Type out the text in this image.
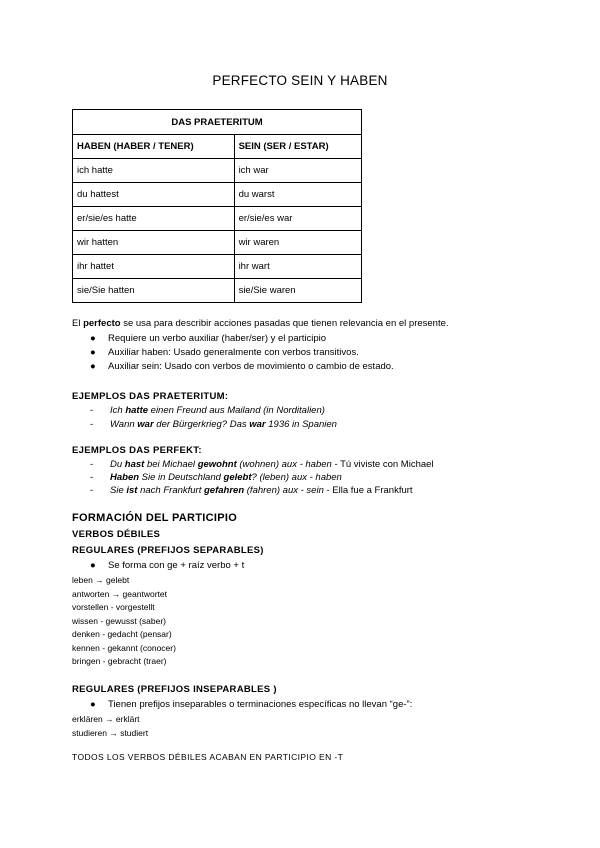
PERFECTO SEIN Y HABEN
DAS PRAETERITUM	
HABEN (HABER / TENER)	SEIN (SER / ESTAR)
ich hatte	ich war
du hattest	du warst
er/sie/es hatte	er/sie/es war
wir hatten	wir waren
ihr hattet	ihr wart
sie/Sie hatten	sie/Sie waren
El perfecto se usa para describir acciones pasadas que tienen relevancia en el presente.
● Requiere un verbo auxiliar (haber/ser) y el participio
● Auxiliar haben: Usado generalmente con verbos transitivos.
● Auxiliar sein: Usado con verbos de movimiento o cambio de estado.
EJEMPLOS DAS PRAETERITUM:
- Ich hatte einen Freund aus Mailand (in Norditalien)
- Wann war der Bürgerkrieg? Das war 1936 in Spanien
EJEMPLOS DAS PERFEKT:
- Du hast bei Michael gewohnt (wohnen) aux - haben - Tú viviste con Michael
- Haben Sie in Deutschland gelebt? (leben) aux - haben
- Sie ist nach Frankfurt gefahren (fahren) aux - sein - Ella fue a Frankfurt
FORMACIÓN DEL PARTICIPIO
VERBOS DÉBILES
REGULARES (PREFIJOS SEPARABLES)
● Se forma con ge + raíz verbo + t
leben → gelebt
antworten → geantwortet
vorstellen - vorgestellt
wissen - gewusst (saber)
denken - gedacht (pensar)
kennen - gekannt (conocer)
bringen - gebracht (traer)
REGULARES (PREFIJOS INSEPARABLES )
● Tienen prefijos inseparables o terminaciones específicas no llevan “ge-”:
erklären → erklärt
studieren → studiert
TODOS LOS VERBOS DÉBILES ACABAN EN PARTICIPIO EN -T
